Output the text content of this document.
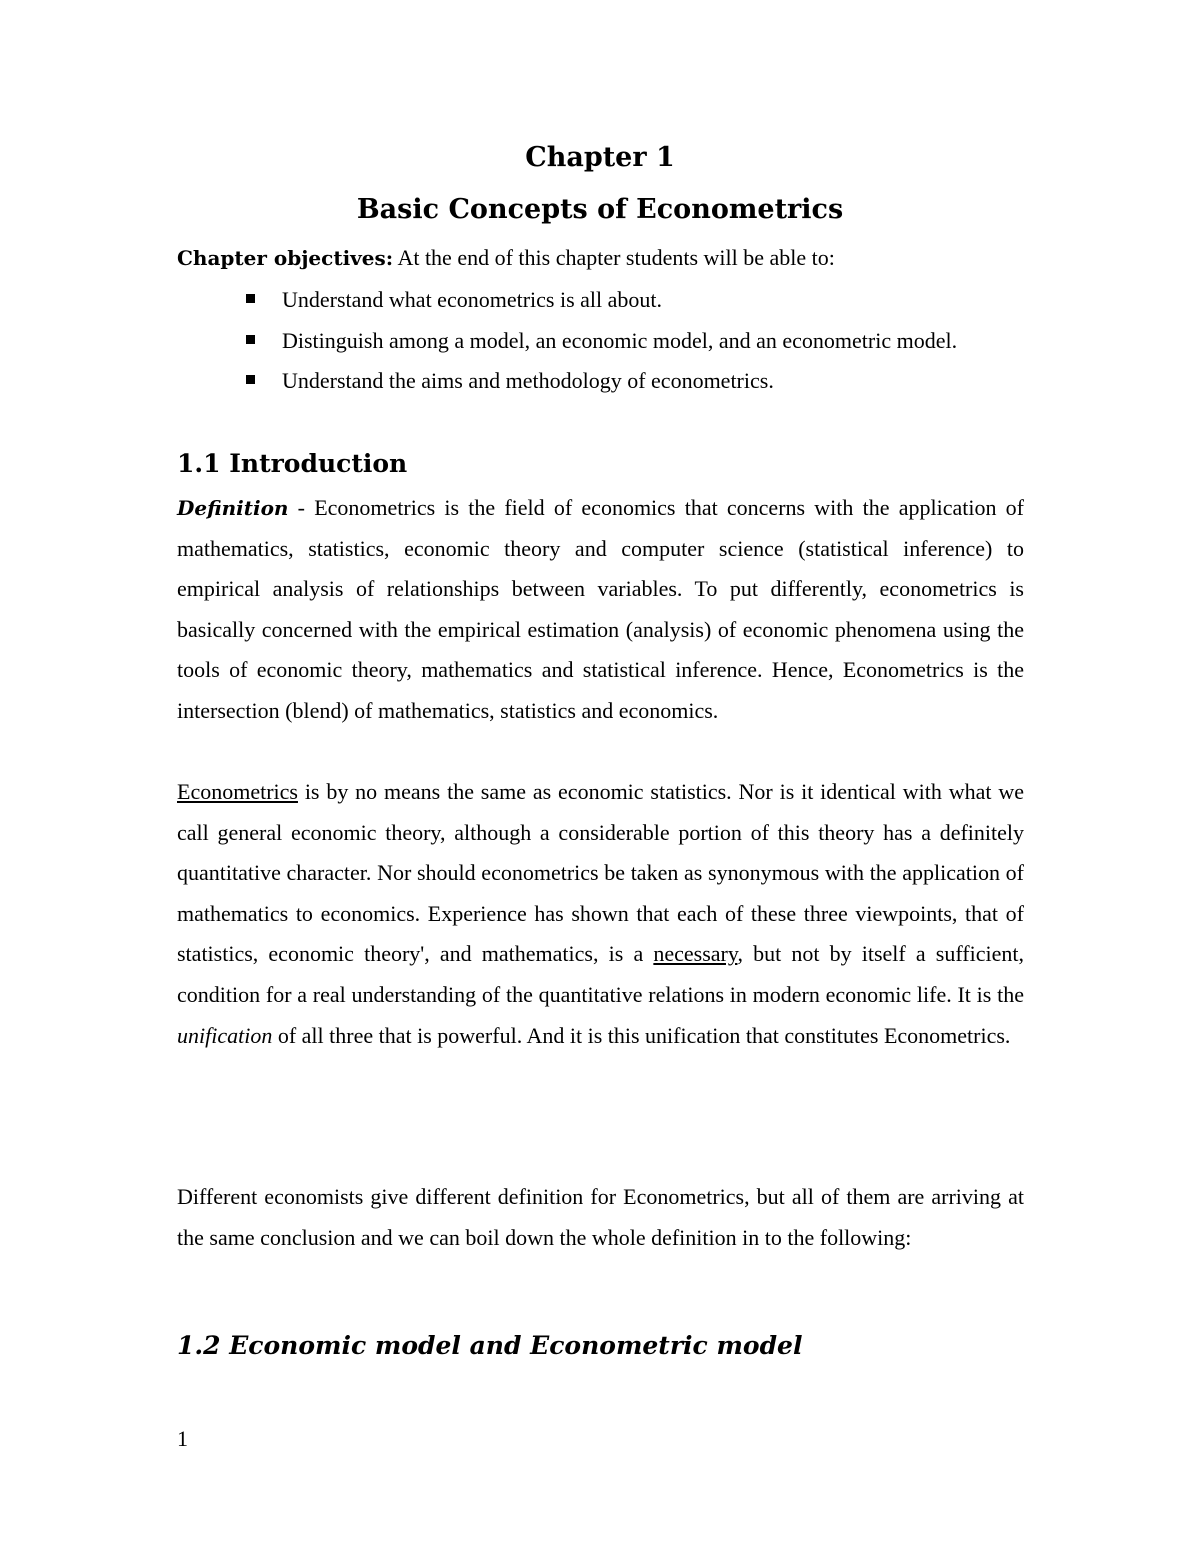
Chapter 1
Basic Concepts of Econometrics
Chapter objectives: At the end of this chapter students will be able to:
Understand what econometrics is all about.
Distinguish among a model, an economic model, and an econometric model.
Understand the aims and methodology of econometrics.
1.1 Introduction

Definition - Econometrics is the field of economics that concerns with the application of mathematics, statistics, economic theory and computer science (statistical inference) to empirical analysis of relationships between variables. To put differently, econometrics is basically concerned with the empirical estimation (analysis) of economic phenomena using the tools of economic theory, mathematics and statistical inference. Hence, Econometrics is the intersection (blend) of mathematics, statistics and economics.

Econometrics is by no means the same as economic statistics. Nor is it identical with what we call general economic theory, although a considerable portion of this theory has a definitely quantitative character. Nor should econometrics be taken as synonymous with the application of mathematics to economics. Experience has shown that each of these three viewpoints, that of statistics, economic theory', and mathematics, is a necessary, but not by itself a sufficient, condition for a real understanding of the quantitative relations in modern economic life. It is the unification of all three that is powerful. And it is this unification that constitutes Econometrics.

Different economists give different definition for Econometrics, but all of them are arriving at the same conclusion and we can boil down the whole definition in to the following:

1.2 Economic model and Econometric model
1
